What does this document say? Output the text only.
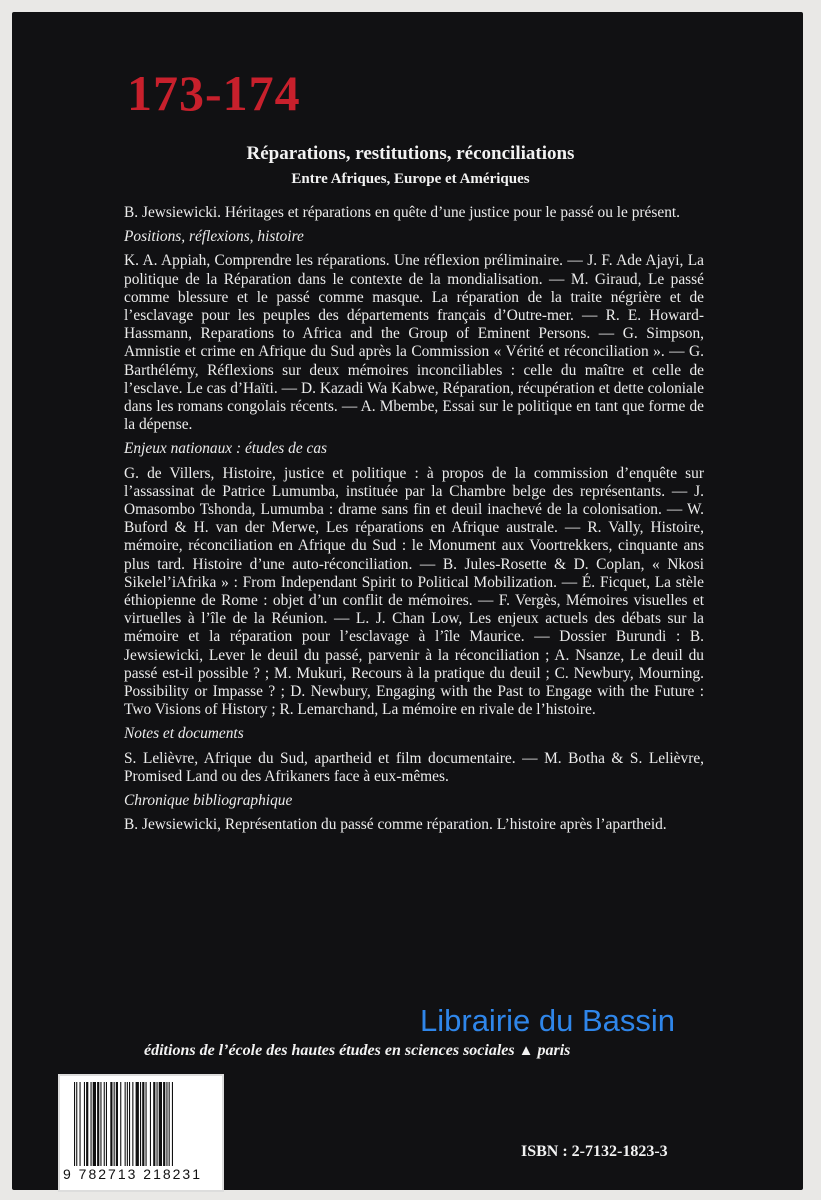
173-174
Réparations, restitutions, réconciliations
Entre Afriques, Europe et Amériques

B. Jewsiewicki. Héritages et réparations en quête d’une justice pour le passé ou le présent.

Positions, réflexions, histoire

K. A. Appiah, Comprendre les réparations. Une réflexion préliminaire. — J. F. Ade Ajayi, La politique de la Réparation dans le contexte de la mondialisation. — M. Giraud, Le passé comme blessure et le passé comme masque. La réparation de la traite négrière et de l’esclavage pour les peuples des départements français d’Outre-mer. — R. E. Howard-Hassmann, Reparations to Africa and the Group of Eminent Persons. — G. Simpson, Amnistie et crime en Afrique du Sud après la Commission « Vérité et réconciliation ». — G. Barthélémy, Réflexions sur deux mémoires inconciliables : celle du maître et celle de l’esclave. Le cas d’Haïti. — D. Kazadi Wa Kabwe, Réparation, récupération et dette coloniale dans les romans congolais récents. — A. Mbembe, Essai sur le politique en tant que forme de la dépense.

Enjeux nationaux : études de cas

G. de Villers, Histoire, justice et politique : à propos de la commission d’enquête sur l’assassinat de Patrice Lumumba, instituée par la Chambre belge des représentants. — J. Omasombo Tshonda, Lumumba : drame sans fin et deuil inachevé de la colonisation. — W. Buford & H. van der Merwe, Les réparations en Afrique australe. — R. Vally, Histoire, mémoire, réconciliation en Afrique du Sud : le Monument aux Voortrekkers, cinquante ans plus tard. Histoire d’une auto-réconciliation. — B. Jules-Rosette & D. Coplan, « Nkosi Sikelel’iAfrika » : From Independant Spirit to Political Mobilization. — É. Ficquet, La stèle éthiopienne de Rome : objet d’un conflit de mémoires. — F. Vergès, Mémoires visuelles et virtuelles à l’île de la Réunion. — L. J. Chan Low, Les enjeux actuels des débats sur la mémoire et la réparation pour l’esclavage à l’île Maurice. — Dossier Burundi : B. Jewsiewicki, Lever le deuil du passé, parvenir à la réconciliation ; A. Nsanze, Le deuil du passé est-il possible ? ; M. Mukuri, Recours à la pratique du deuil ; C. Newbury, Mourning. Possibility or Impasse ? ; D. Newbury, Engaging with the Past to Engage with the Future : Two Visions of History ; R. Lemarchand, La mémoire en rivale de l’histoire.

Notes et documents

S. Lelièvre, Afrique du Sud, apartheid et film documentaire. — M. Botha & S. Lelièvre, Promised Land ou des Afrikaners face à eux-mêmes.

Chronique bibliographique

B. Jewsiewicki, Représentation du passé comme réparation. L’histoire après l’apartheid.

Librairie du Bassin
éditions de l’école des hautes études en sciences sociales ▲ paris
9 782713 218231
ISBN : 2-7132-1823-3
